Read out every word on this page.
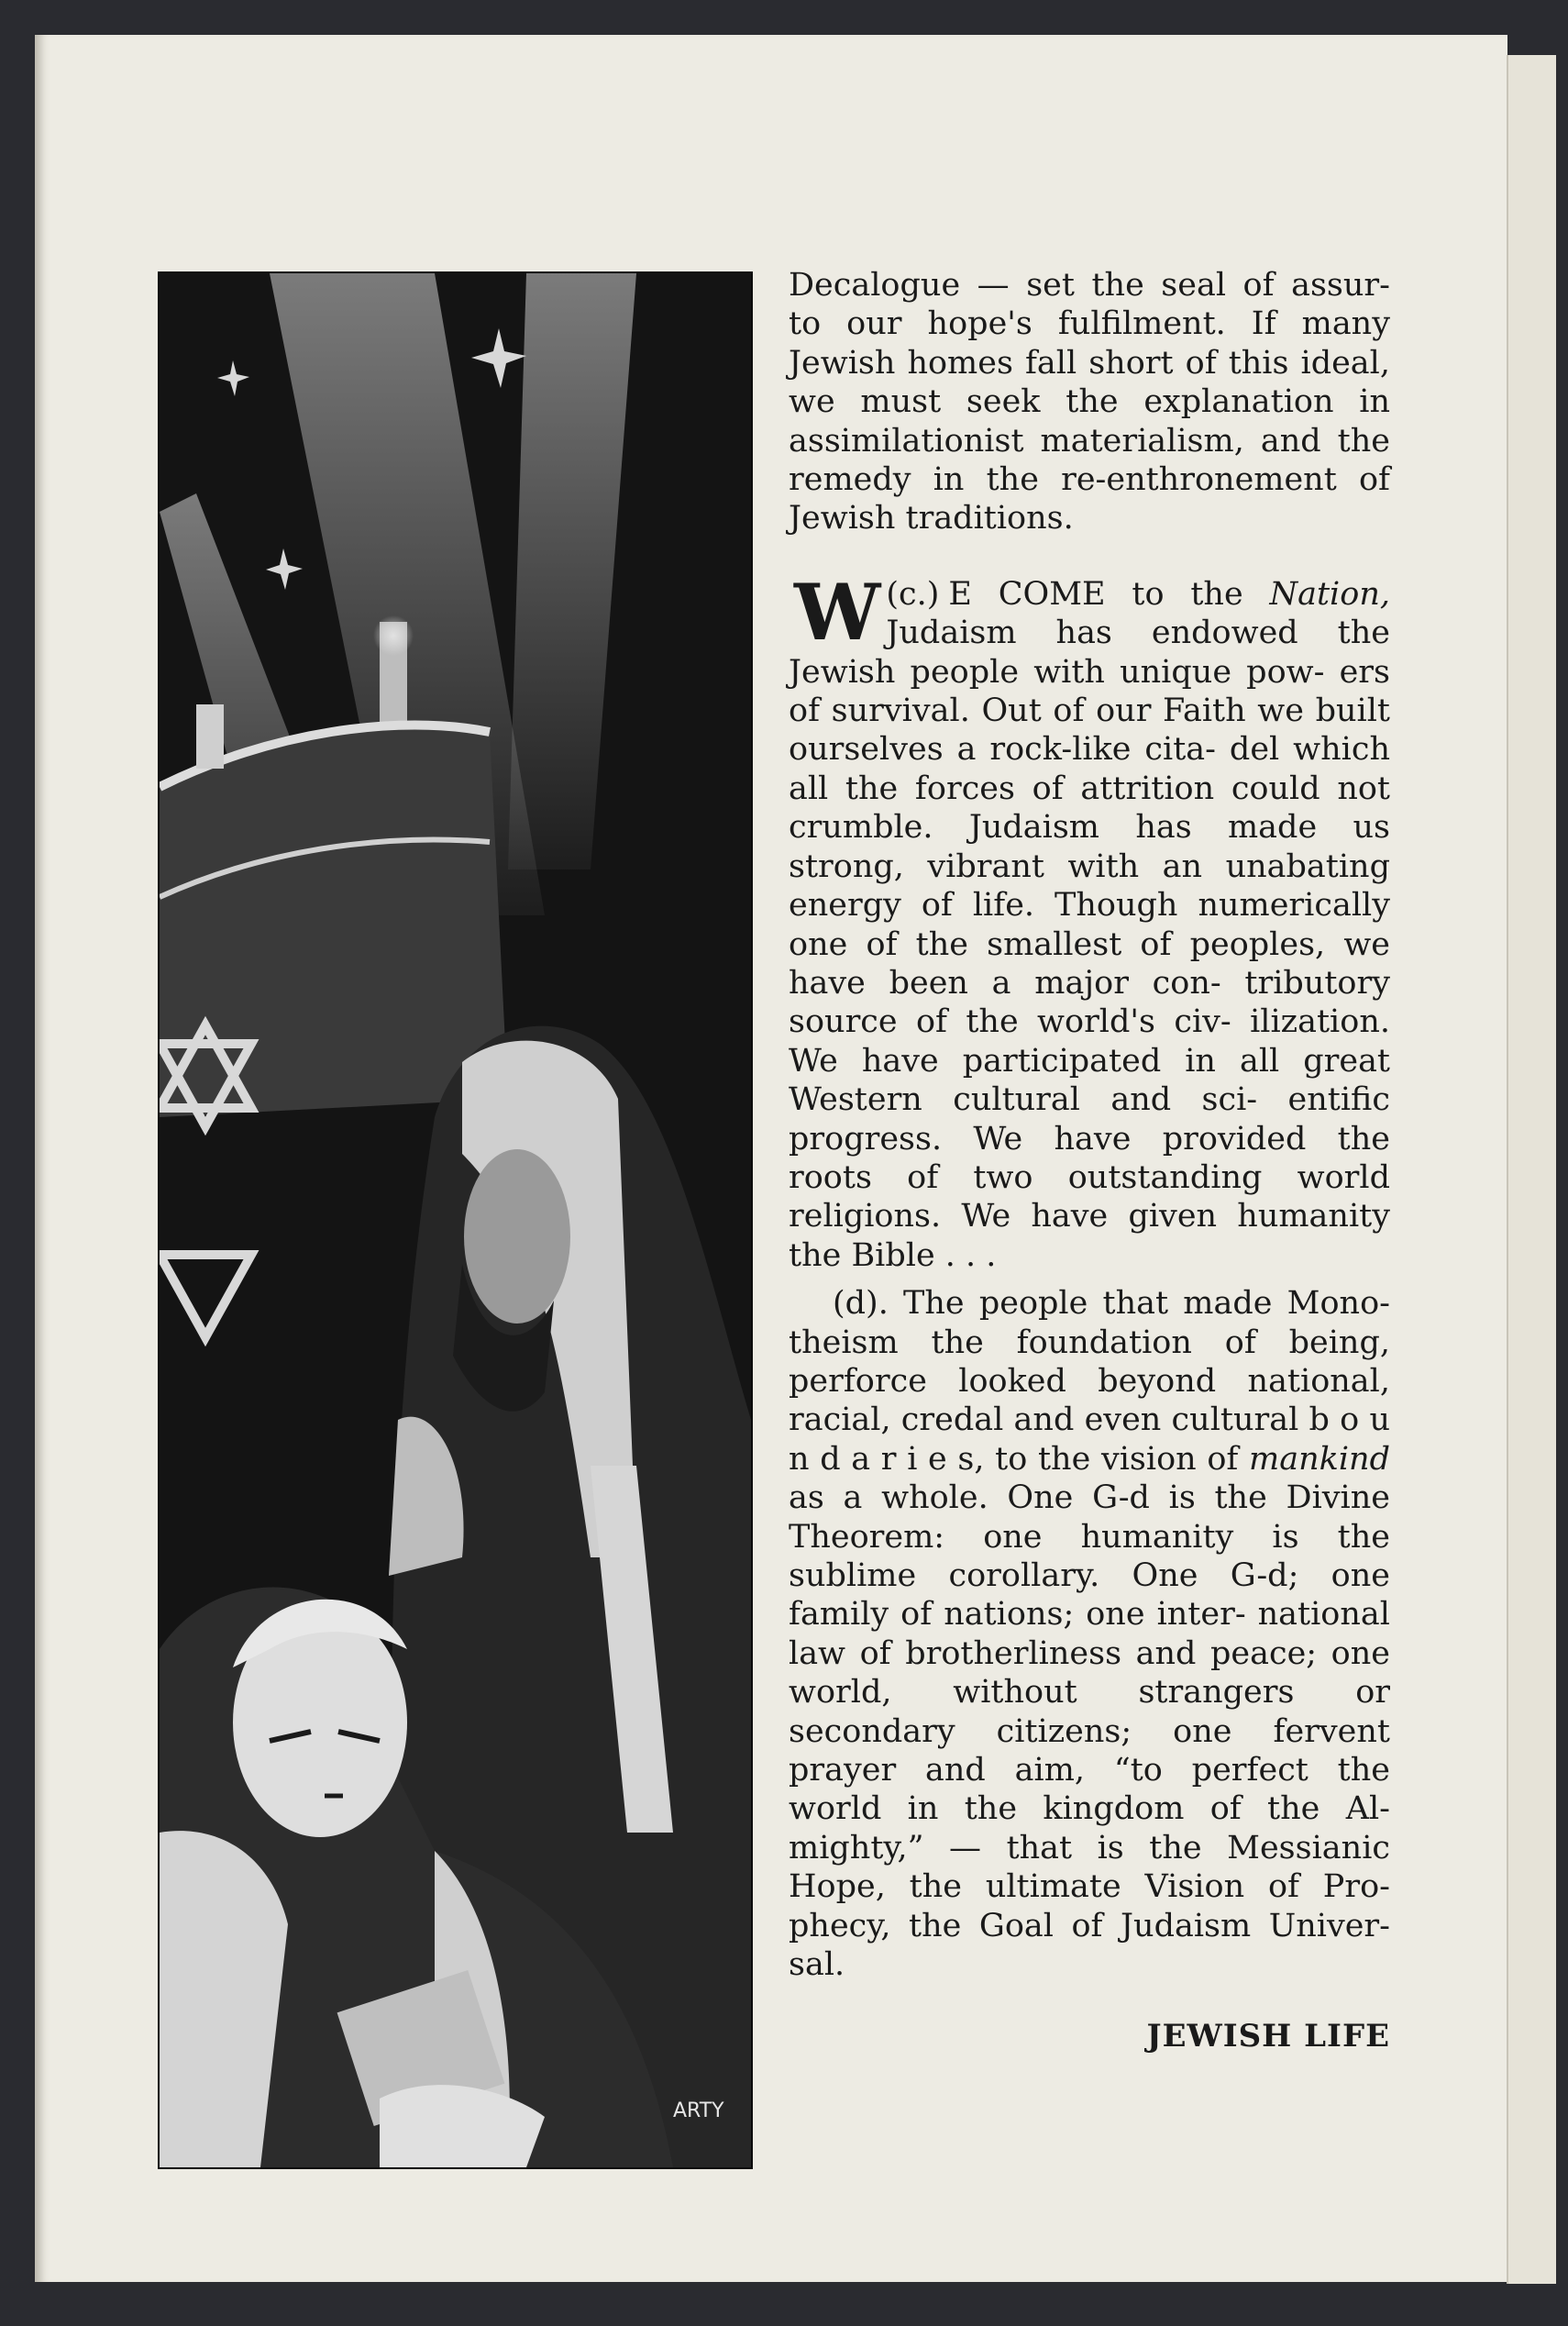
ARTY

Decalogue — set the seal of assur- to our hope's fulfilment. If many Jewish homes fall short of this ideal, we must seek the explanation in assimilationist materialism, and the remedy in the re-enthronement of Jewish traditions.

(c.)
W E COME to the Nation, Judaism has endowed the Jewish people with unique pow- ers of survival. Out of our Faith we built ourselves a rock-like cita- del which all the forces of attrition could not crumble. Judaism has made us strong, vibrant with an unabating energy of life. Though numerically one of the smallest of peoples, we have been a major con- tributory source of the world's civ- ilization. We have participated in all great Western cultural and sci- entific progress. We have provided the roots of two outstanding world religions. We have given humanity the Bible . . .

(d). The people that made Mono- theism the foundation of being, perforce looked beyond national, racial, credal and even cultural b o u n d a r i e s, to the vision of mankind as a whole. One G-d is the Divine Theorem: one humanity is the sublime corollary. One G-d; one family of nations; one inter- national law of brotherliness and peace; one world, without strangers or secondary citizens; one fervent prayer and aim, “to perfect the world in the kingdom of the Al- mighty,” — that is the Messianic Hope, the ultimate Vision of Pro- phecy, the Goal of Judaism Univer- sal.

JEWISH LIFE
